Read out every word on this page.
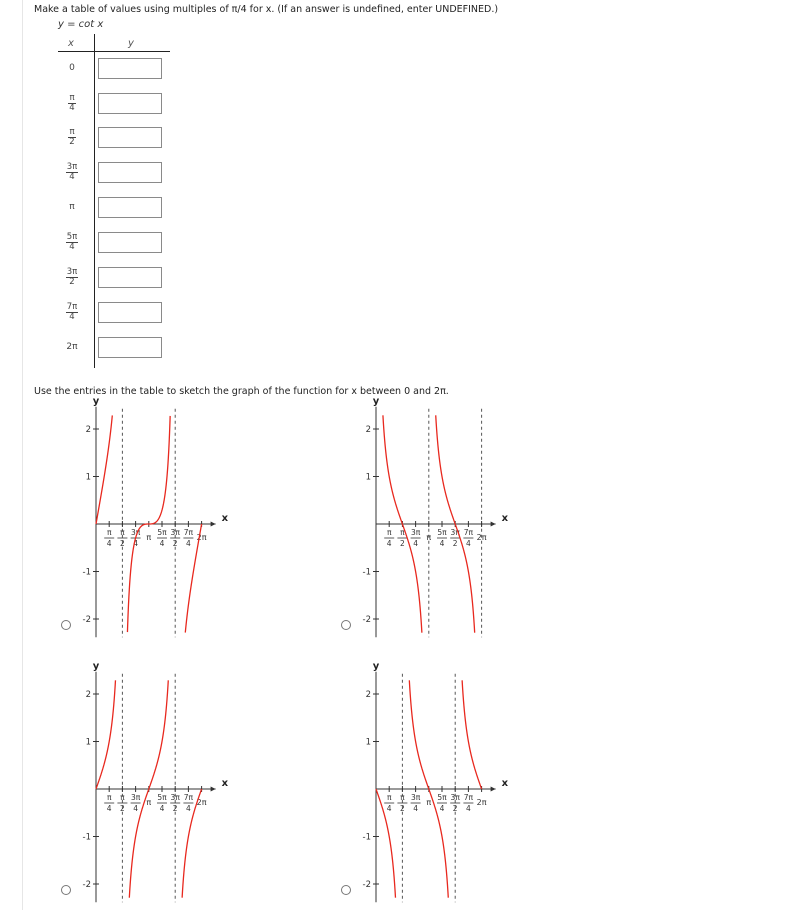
Make a table of values using multiples of π/4 for x. (If an answer is undefined, enter UNDEFINED.)
y = cot x
x	y
0
$\frac{\pi}{4}$
$\frac{\pi}{2}$
$\frac{3\pi}{4}$
π
$\frac{5\pi}{4}$
$\frac{3\pi}{2}$
$\frac{7\pi}{4}$
2π
Use the entries in the table to sketch the graph of the function for x between 0 and 2π.
y
x
2
1
-1
-2
π
4
π
2
3π
4
π
5π
4
3π
2
7π
4
2π
y
x
2
1
-1
-2
π
4
π
2
3π
4
π
5π
4
3π
2
7π
4
2π
y
x
2
1
-1
-2
π
4
π
2
3π
4
π
5π
4
3π
2
7π
4
2π
y
x
2
1
-1
-2
π
4
π
2
3π
4
π
5π
4
3π
2
7π
4
2π
